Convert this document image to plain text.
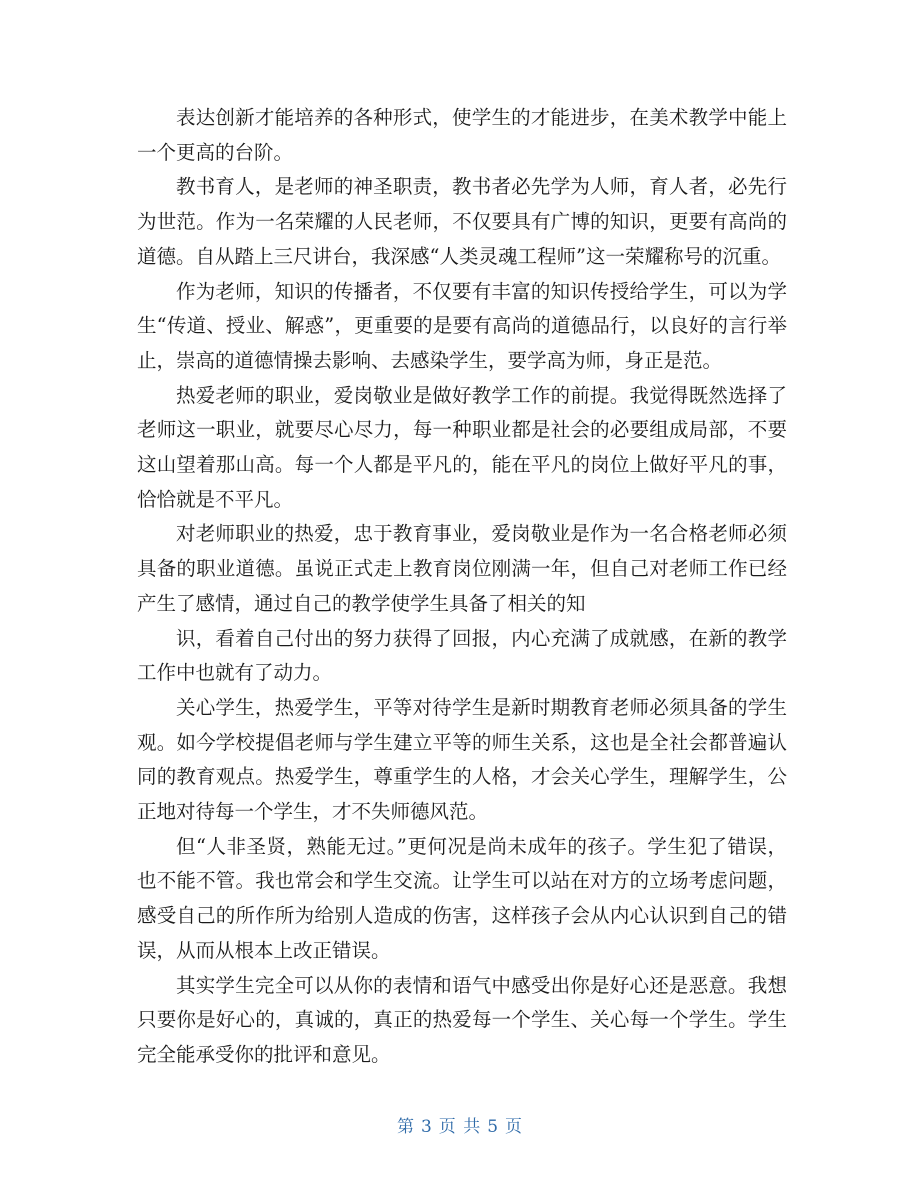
表达创新才能培养的各种形式，使学生的才能进步，在美术教学中能上一个更高的台阶。

教书育人，是老师的神圣职责，教书者必先学为人师，育人者，必先行为世范。作为一名荣耀的人民老师，不仅要具有广博的知识，更要有高尚的道德。自从踏上三尺讲台，我深感“人类灵魂工程师”这一荣耀称号的沉重。

作为老师，知识的传播者，不仅要有丰富的知识传授给学生，可以为学生“传道、授业、解惑”，更重要的是要有高尚的道德品行，以良好的言行举止，崇高的道德情操去影响、去感染学生，要学高为师，身正是范。

热爱老师的职业，爱岗敬业是做好教学工作的前提。我觉得既然选择了老师这一职业，就要尽心尽力，每一种职业都是社会的必要组成局部，不要这山望着那山高。每一个人都是平凡的，能在平凡的岗位上做好平凡的事，恰恰就是不平凡。

对老师职业的热爱，忠于教育事业，爱岗敬业是作为一名合格老师必须具备的职业道德。虽说正式走上教育岗位刚满一年，但自己对老师工作已经产生了感情，通过自己的教学使学生具备了相关的知

识，看着自己付出的努力获得了回报，内心充满了成就感，在新的教学工作中也就有了动力。

关心学生，热爱学生，平等对待学生是新时期教育老师必须具备的学生观。如今学校提倡老师与学生建立平等的师生关系，这也是全社会都普遍认同的教育观点。热爱学生，尊重学生的人格，才会关心学生，理解学生，公正地对待每一个学生，才不失师德风范。

但“人非圣贤，熟能无过。”更何况是尚未成年的孩子。学生犯了错误，也不能不管。我也常会和学生交流。让学生可以站在对方的立场考虑问题，感受自己的所作所为给别人造成的伤害，这样孩子会从内心认识到自己的错误，从而从根本上改正错误。

其实学生完全可以从你的表情和语气中感受出你是好心还是恶意。我想只要你是好心的，真诚的，真正的热爱每一个学生、关心每一个学生。学生完全能承受你的批评和意见。

第 3 页 共 5 页
